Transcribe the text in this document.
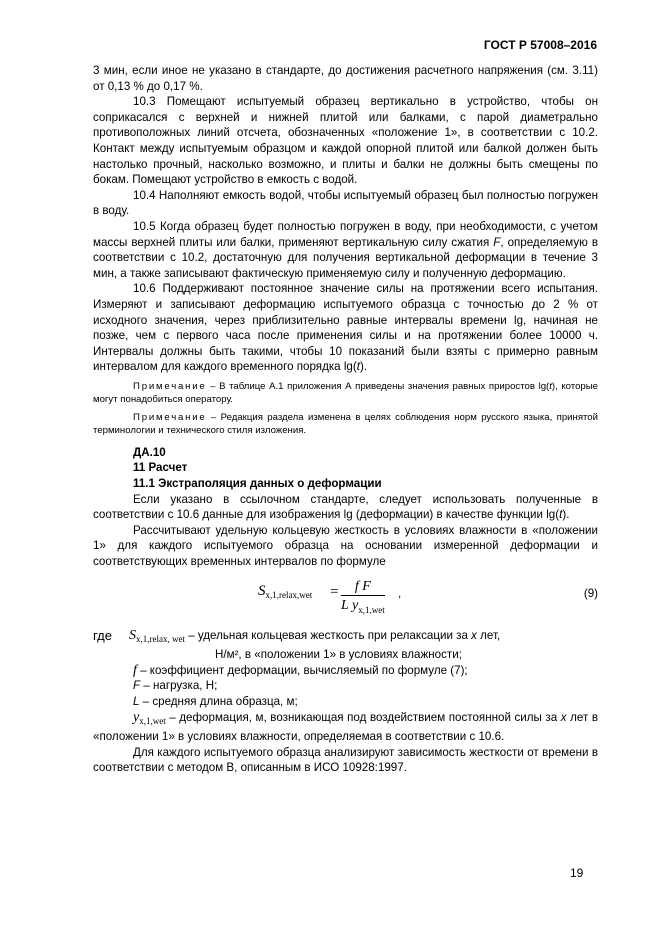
ГОСТ Р 57008–2016

3 мин, если иное не указано в стандарте, до достижения расчетного напряжения (см. 3.11) от 0,13 % до 0,17 %.

10.3 Помещают испытуемый образец вертикально в устройство, чтобы он соприкасался с верхней и нижней плитой или балками, с парой диаметрально противоположных линий отсчета, обозначенных «положение 1», в соответствии с 10.2. Контакт между испытуемым образцом и каждой опорной плитой или балкой должен быть настолько прочный, насколько возможно, и плиты и балки не должны быть смещены по бокам. Помещают устройство в емкость с водой.

10.4 Наполняют емкость водой, чтобы испытуемый образец был полностью погружен в воду.

10.5 Когда образец будет полностью погружен в воду, при необходимости, с учетом массы верхней плиты или балки, применяют вертикальную силу сжатия F, определяемую в соответствии с 10.2, достаточную для получения вертикальной деформации в течение 3 мин, а также записывают фактическую применяемую силу и полученную деформацию.

10.6 Поддерживают постоянное значение силы на протяжении всего испытания. Измеряют и записывают деформацию испытуемого образца с точностью до 2 % от исходного значения, через приблизительно равные интервалы времени lg, начиная не позже, чем с первого часа после применения силы и на протяжении более 10000 ч. Интервалы должны быть такими, чтобы 10 показаний были взяты с примерно равным интервалом для каждого временного порядка lg(t).

Примечание – В таблице А.1 приложения А приведены значения равных приростов lg(t), которые могут понадобиться оператору.

Примечание – Редакция раздела изменена в целях соблюдения норм русского языка, принятой терминологии и технического стиля изложения.

ДА.10
11 Расчет
11.1 Экстраполяция данных о деформации

Если указано в ссылочном стандарте, следует использовать полученные в соответствии с 10.6 данные для изображения lg (деформации) в качестве функции lg(t).

Рассчитывают удельную кольцевую жесткость в условиях влажности в «положении 1» для каждого испытуемого образца на основании измеренной деформации и соответствующих временных интервалов по формуле

$S_{x,1,relax,wet}$ =	f F
L $y_{x,1,wet}$
,	(9)
где $S_{x,1,relax, wet}$ – удельная кольцевая жесткость при релаксации за x лет,

Н/м², в «положении 1» в условиях влажности;

f – коэффициент деформации, вычисляемый по формуле (7);

F – нагрузка, Н;

L – средняя длина образца, м;

$y_{x,1,wet}$ – деформация, м, возникающая под воздействием постоянной силы за x лет в «положении 1» в условиях влажности, определяемая в соответствии с 10.6.

Для каждого испытуемого образца анализируют зависимость жесткости от времени в соответствии с методом В, описанным в ИСО 10928:1997.

19
